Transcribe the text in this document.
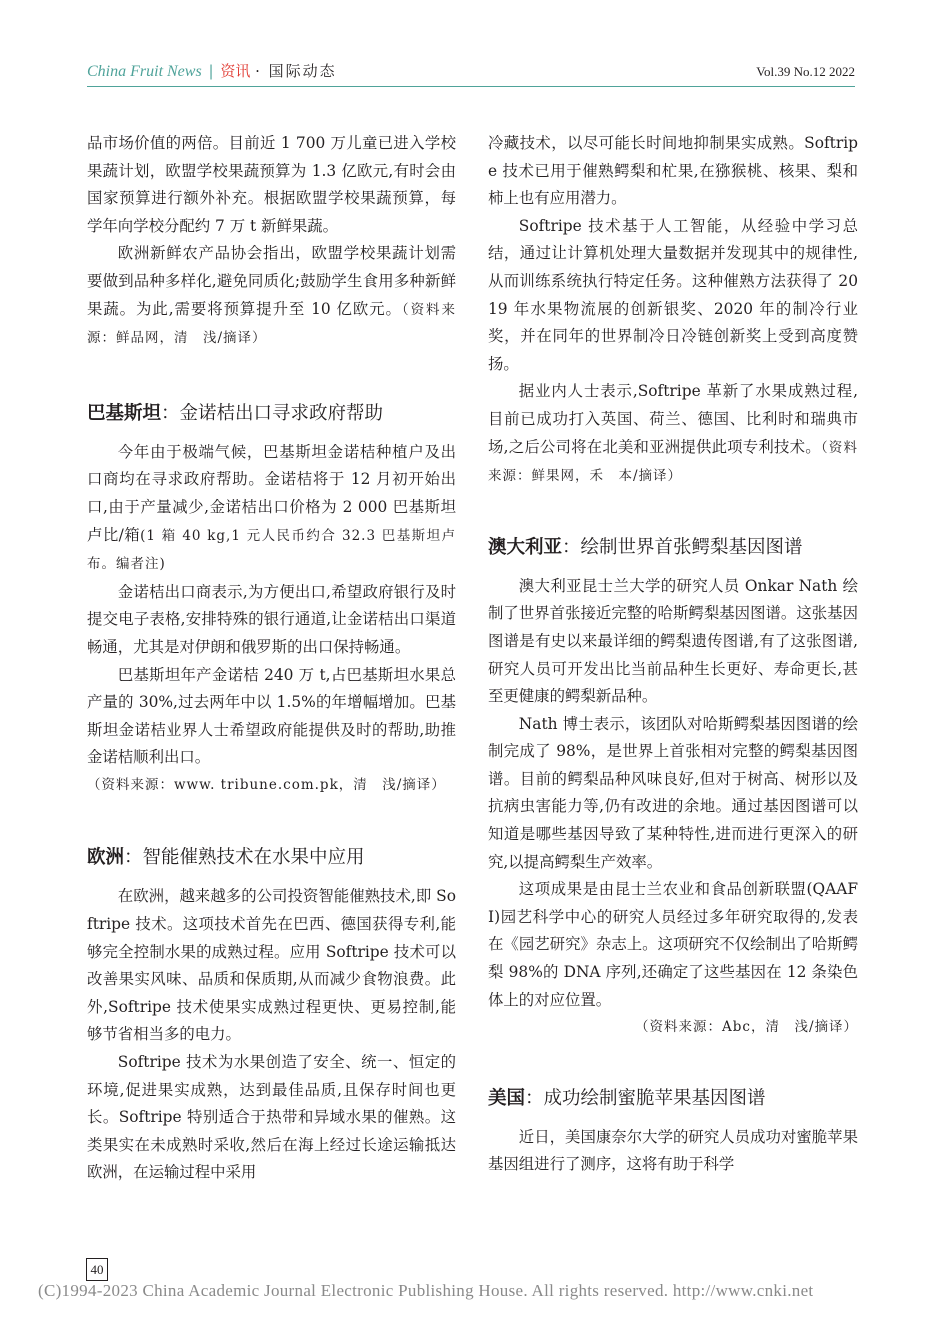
China Fruit News | 资讯 · 国际动态	Vol.39 No.12 2022

品市场价值的两倍。目前近 1 700 万儿童已进入学校果蔬计划，欧盟学校果蔬预算为 1.3 亿欧元,有时会由国家预算进行额外补充。根据欧盟学校果蔬预算，每学年向学校分配约 7 万 t 新鲜果蔬。

欧洲新鲜农产品协会指出，欧盟学校果蔬计划需要做到品种多样化,避免同质化;鼓励学生食用多种新鲜果蔬。为此,需要将预算提升至 10 亿欧元。（资料来源：鲜品网，清　浅/摘译）

巴基斯坦：金诺桔出口寻求政府帮助

今年由于极端气候，巴基斯坦金诺桔种植户及出口商均在寻求政府帮助。金诺桔将于 12 月初开始出口,由于产量减少,金诺桔出口价格为 2 000 巴基斯坦卢比/箱(1 箱 40 kg,1 元人民币约合 32.3 巴基斯坦卢布。编者注)

金诺桔出口商表示,为方便出口,希望政府银行及时提交电子表格,安排特殊的银行通道,让金诺桔出口渠道畅通，尤其是对伊朗和俄罗斯的出口保持畅通。

巴基斯坦年产金诺桔 240 万 t,占巴基斯坦水果总产量的 30%,过去两年中以 1.5%的年增幅增加。巴基斯坦金诺桔业界人士希望政府能提供及时的帮助,助推金诺桔顺利出口。

（资料来源：www. tribune.com.pk，清　浅/摘译）

欧洲：智能催熟技术在水果中应用

在欧洲，越来越多的公司投资智能催熟技术,即 Softripe 技术。这项技术首先在巴西、德国获得专利,能够完全控制水果的成熟过程。应用 Softripe 技术可以改善果实风味、品质和保质期,从而减少食物浪费。此外,Softripe 技术使果实成熟过程更快、更易控制,能够节省相当多的电力。

Softripe 技术为水果创造了安全、统一、恒定的环境,促进果实成熟，达到最佳品质,且保存时间也更长。Softripe 特别适合于热带和异域水果的催熟。这类果实在未成熟时采收,然后在海上经过长途运输抵达欧洲，在运输过程中采用

冷藏技术，以尽可能长时间地抑制果实成熟。Softripe 技术已用于催熟鳄梨和杧果,在猕猴桃、核果、梨和柿上也有应用潜力。

Softripe 技术基于人工智能，从经验中学习总结，通过让计算机处理大量数据并发现其中的规律性,从而训练系统执行特定任务。这种催熟方法获得了 2019 年水果物流展的创新银奖、2020 年的制冷行业奖，并在同年的世界制冷日冷链创新奖上受到高度赞扬。

据业内人士表示,Softripe 革新了水果成熟过程,目前已成功打入英国、荷兰、德国、比利时和瑞典市场,之后公司将在北美和亚洲提供此项专利技术。（资料来源：鲜果网，禾　本/摘译）

澳大利亚：绘制世界首张鳄梨基因图谱

澳大利亚昆士兰大学的研究人员 Onkar Nath 绘制了世界首张接近完整的哈斯鳄梨基因图谱。这张基因图谱是有史以来最详细的鳄梨遗传图谱,有了这张图谱,研究人员可开发出比当前品种生长更好、寿命更长,甚至更健康的鳄梨新品种。

Nath 博士表示，该团队对哈斯鳄梨基因图谱的绘制完成了 98%，是世界上首张相对完整的鳄梨基因图谱。目前的鳄梨品种风味良好,但对于树高、树形以及抗病虫害能力等,仍有改进的余地。通过基因图谱可以知道是哪些基因导致了某种特性,进而进行更深入的研究,以提高鳄梨生产效率。

这项成果是由昆士兰农业和食品创新联盟(QAAFI)园艺科学中心的研究人员经过多年研究取得的,发表在《园艺研究》杂志上。这项研究不仅绘制出了哈斯鳄梨 98%的 DNA 序列,还确定了这些基因在 12 条染色体上的对应位置。

（资料来源：Abc，清　浅/摘译）
美国：成功绘制蜜脆苹果基因图谱

近日，美国康奈尔大学的研究人员成功对蜜脆苹果基因组进行了测序，这将有助于科学

40
(C)1994-2023 China Academic Journal Electronic Publishing House. All rights reserved. http://www.cnki.net
